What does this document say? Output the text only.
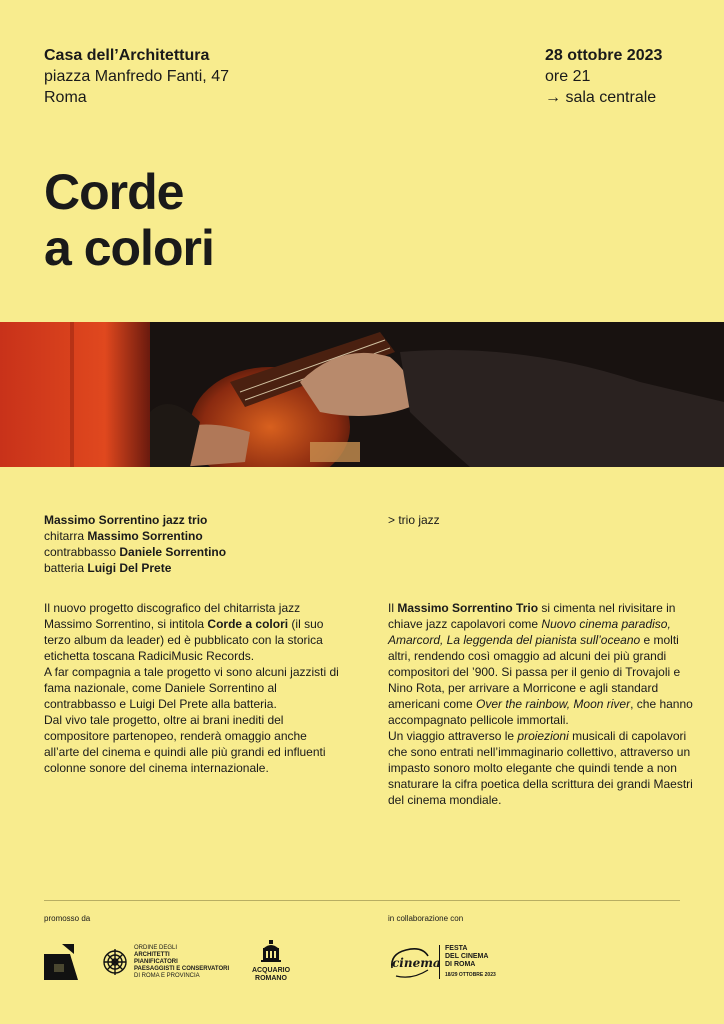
Casa dell’Architettura
piazza Manfredo Fanti, 47
Roma
28 ottobre 2023
ore 21
→ sala centrale
Corde
a colori
Massimo Sorrentino jazz trio
chitarra Massimo Sorrentino
contrabbasso Daniele Sorrentino
batteria Luigi Del Prete
> trio jazz
Il nuovo progetto discografico del chitarrista jazz Massimo Sorrentino, si intitola Corde a colori (il suo terzo album da leader) ed è pubblicato con la storica etichetta toscana RadiciMusic Records.
A far compagnia a tale progetto vi sono alcuni jazzisti di fama nazionale, come Daniele Sorrentino al contrabbasso e Luigi Del Prete alla batteria.
Dal vivo tale progetto, oltre ai brani inediti del compositore partenopeo, renderà omaggio anche all’arte del cinema e quindi alle più grandi ed influenti colonne sonore del cinema internazionale.
Il Massimo Sorrentino Trio si cimenta nel rivisitare in chiave jazz capolavori come Nuovo cinema paradiso, Amarcord, La leggenda del pianista sull’oceano e molti altri, rendendo così omaggio ad alcuni dei più grandi compositori del ’900. Si passa per il genio di Trovajoli e Nino Rota, per arrivare a Morricone e agli standard americani come Over the rainbow, Moon river, che hanno accompagnato pellicole immortali.
Un viaggio attraverso le proiezioni musicali di capolavori che sono entrati nell’immaginario collettivo, attraverso un impasto sonoro molto elegante che quindi tende a non snaturare la cifra poetica della scrittura dei grandi Maestri del cinema mondiale.
promosso da	in collaborazione con
ORDINE DEGLI
ARCHITETTI
PIANIFICATORI
PAESAGGISTI E CONSERVATORI
DI ROMA E PROVINCIA
ACQUARIO
ROMANO
cinema
FESTA
DEL CINEMA
DI ROMA
18/29 OTTOBRE 2023
